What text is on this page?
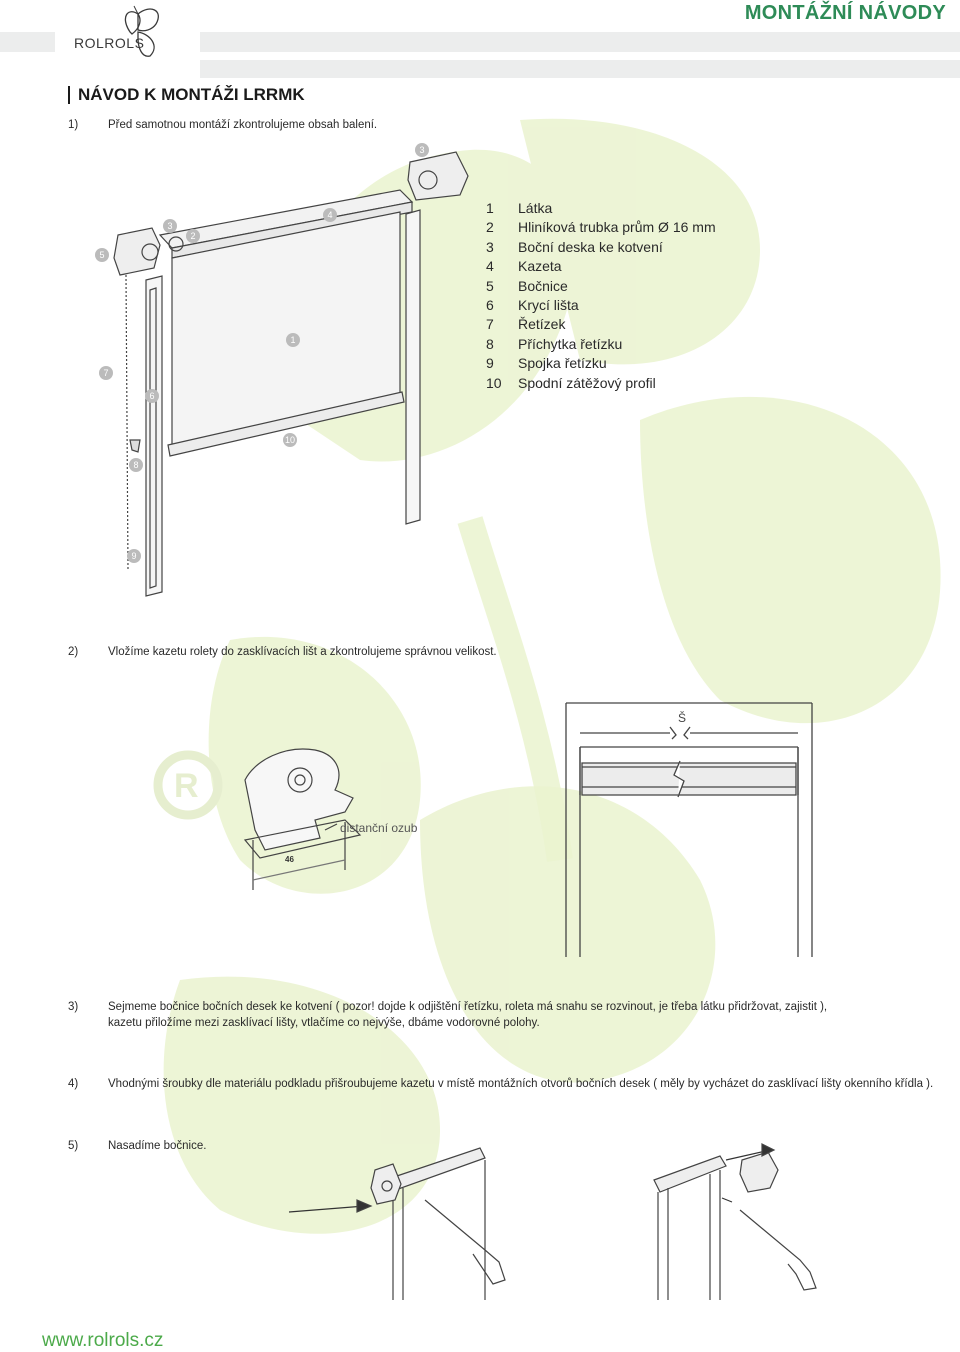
R
ROLROLS
MONTÁŽNÍ NÁVODY
NÁVOD K MONTÁŽI LRRMK
1)	Před samotnou montáží zkontrolujeme obsah balení.
4
3
3
5
2
1
7
6
10
8
9
1	Látka
2	Hliníková trubka prům Ø 16 mm
3	Boční deska ke kotvení
4	Kazeta
5	Bočnice
6	Krycí lišta
7	Řetízek
8	Příchytka řetízku
9	Spojka řetízku
10	Spodní zátěžový profil
2)	Vložíme kazetu rolety do zasklívacích lišt a zkontrolujeme správnou velikost.
46
distanční ozub
Š
3)	Sejmeme bočnice bočních desek ke kotvení ( pozor! dojde k odjištění řetízku, roleta má snahu se rozvinout, je třeba látku přidržovat, zajistit ),
kazetu přiložíme mezi zasklívací lišty, vtlačíme co nejvýše, dbáme vodorovné polohy.
4)	Vhodnými šroubky dle materiálu podkladu přišroubujeme kazetu v místě montážních otvorů bočních desek ( měly by vycházet do zasklívací lišty okenního křídla ).
5)	Nasadíme bočnice.
www.rolrols.cz
